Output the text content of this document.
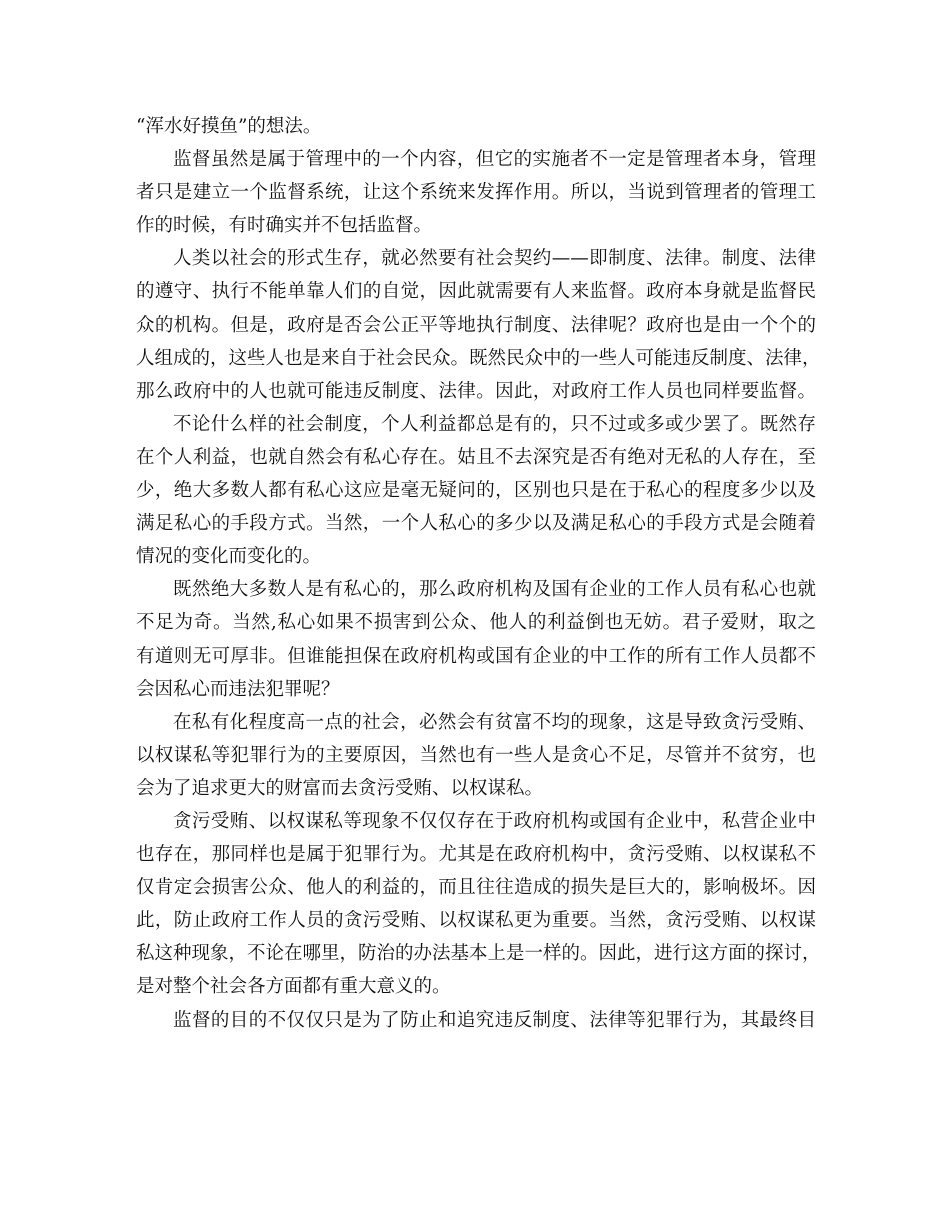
“浑水好摸鱼”的想法。
监督虽然是属于管理中的一个内容，但它的实施者不一定是管理者本身，管理
者只是建立一个监督系统，让这个系统来发挥作用。所以，当说到管理者的管理工
作的时候，有时确实并不包括监督。
人类以社会的形式生存，就必然要有社会契约——即制度、法律。制度、法律
的遵守、执行不能单靠人们的自觉，因此就需要有人来监督。政府本身就是监督民
众的机构。但是，政府是否会公正平等地执行制度、法律呢？政府也是由一个个的
人组成的，这些人也是来自于社会民众。既然民众中的一些人可能违反制度、法律，
那么政府中的人也就可能违反制度、法律。因此，对政府工作人员也同样要监督。
不论什么样的社会制度，个人利益都总是有的，只不过或多或少罢了。既然存
在个人利益，也就自然会有私心存在。姑且不去深究是否有绝对无私的人存在，至
少，绝大多数人都有私心这应是毫无疑问的，区别也只是在于私心的程度多少以及
满足私心的手段方式。当然，一个人私心的多少以及满足私心的手段方式是会随着
情况的变化而变化的。
既然绝大多数人是有私心的，那么政府机构及国有企业的工作人员有私心也就
不足为奇。当然,私心如果不损害到公众、他人的利益倒也无妨。君子爱财，取之
有道则无可厚非。但谁能担保在政府机构或国有企业的中工作的所有工作人员都不
会因私心而违法犯罪呢？
在私有化程度高一点的社会，必然会有贫富不均的现象，这是导致贪污受贿、
以权谋私等犯罪行为的主要原因，当然也有一些人是贪心不足，尽管并不贫穷，也
会为了追求更大的财富而去贪污受贿、以权谋私。
贪污受贿、以权谋私等现象不仅仅存在于政府机构或国有企业中，私营企业中
也存在，那同样也是属于犯罪行为。尤其是在政府机构中，贪污受贿、以权谋私不
仅肯定会损害公众、他人的利益的，而且往往造成的损失是巨大的，影响极坏。因
此，防止政府工作人员的贪污受贿、以权谋私更为重要。当然，贪污受贿、以权谋
私这种现象，不论在哪里，防治的办法基本上是一样的。因此，进行这方面的探讨，
是对整个社会各方面都有重大意义的。
监督的目的不仅仅只是为了防止和追究违反制度、法律等犯罪行为，其最终目
